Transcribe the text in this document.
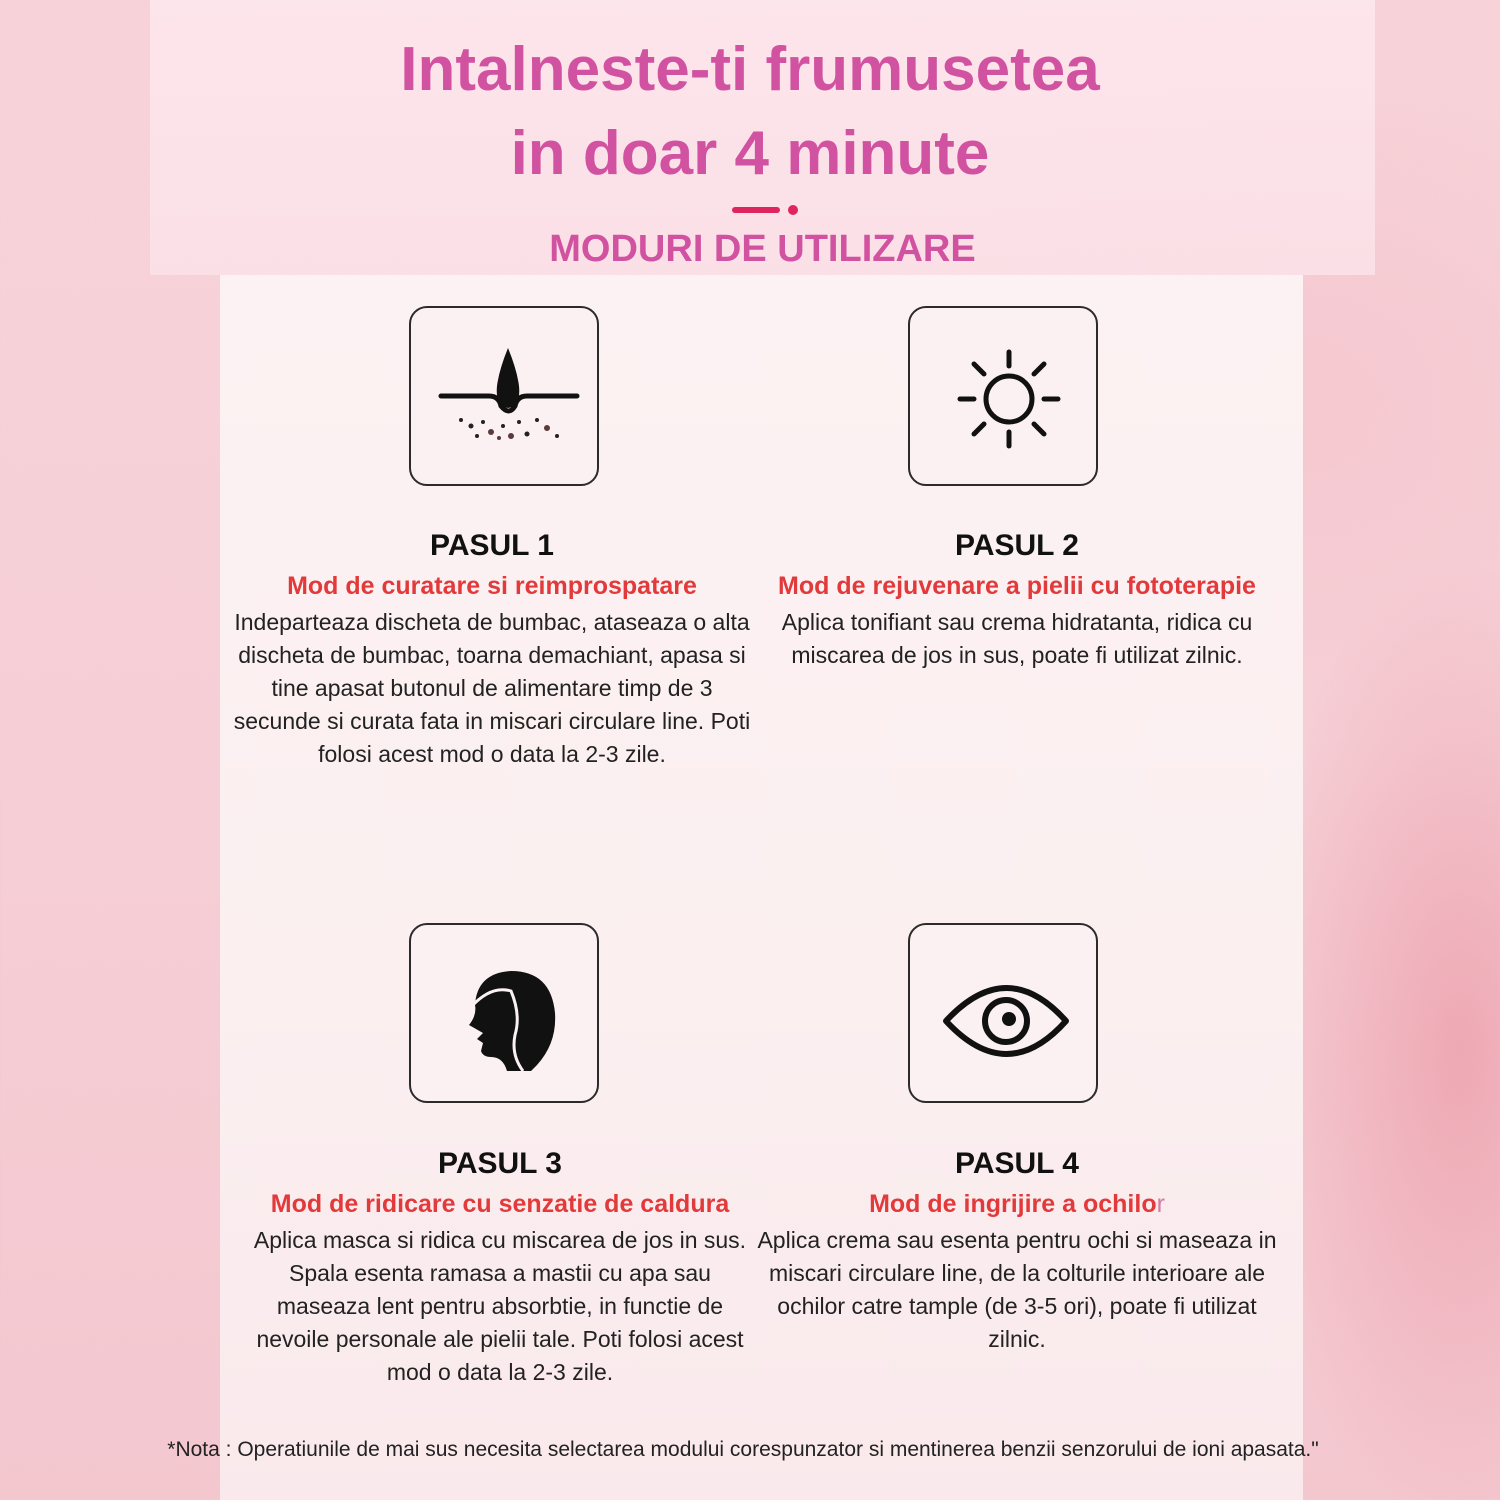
Intalneste-ti frumusetea
in doar 4 minute
MODURI DE UTILIZARE

PASUL 1

Mod de curatare si reimprospatare

Indeparteaza discheta de bumbac, ataseaza o alta discheta de bumbac, toarna demachiant, apasa si tine apasat butonul de alimentare timp de 3 secunde si curata fata in miscari circulare line. Poti folosi acest mod o data la 2-3 zile.

PASUL 2

Mod de rejuvenare a pielii cu fototerapie

Aplica tonifiant sau crema hidratanta, ridica cu miscarea de jos in sus, poate fi utilizat zilnic.

PASUL 3

Mod de ridicare cu senzatie de caldura

Aplica masca si ridica cu miscarea de jos in sus. Spala esenta ramasa a mastii cu apa sau maseaza lent pentru absorbtie, in functie de nevoile personale ale pielii tale. Poti folosi acest mod o data la 2-3 zile.

PASUL 4

Mod de ingrijire a ochilor

Aplica crema sau esenta pentru ochi si maseaza in miscari circulare line, de la colturile interioare ale ochilor catre tample (de 3-5 ori), poate fi utilizat zilnic.

*Nota : Operatiunile de mai sus necesita selectarea modului corespunzator si mentinerea benzii senzorului de ioni apasata."
